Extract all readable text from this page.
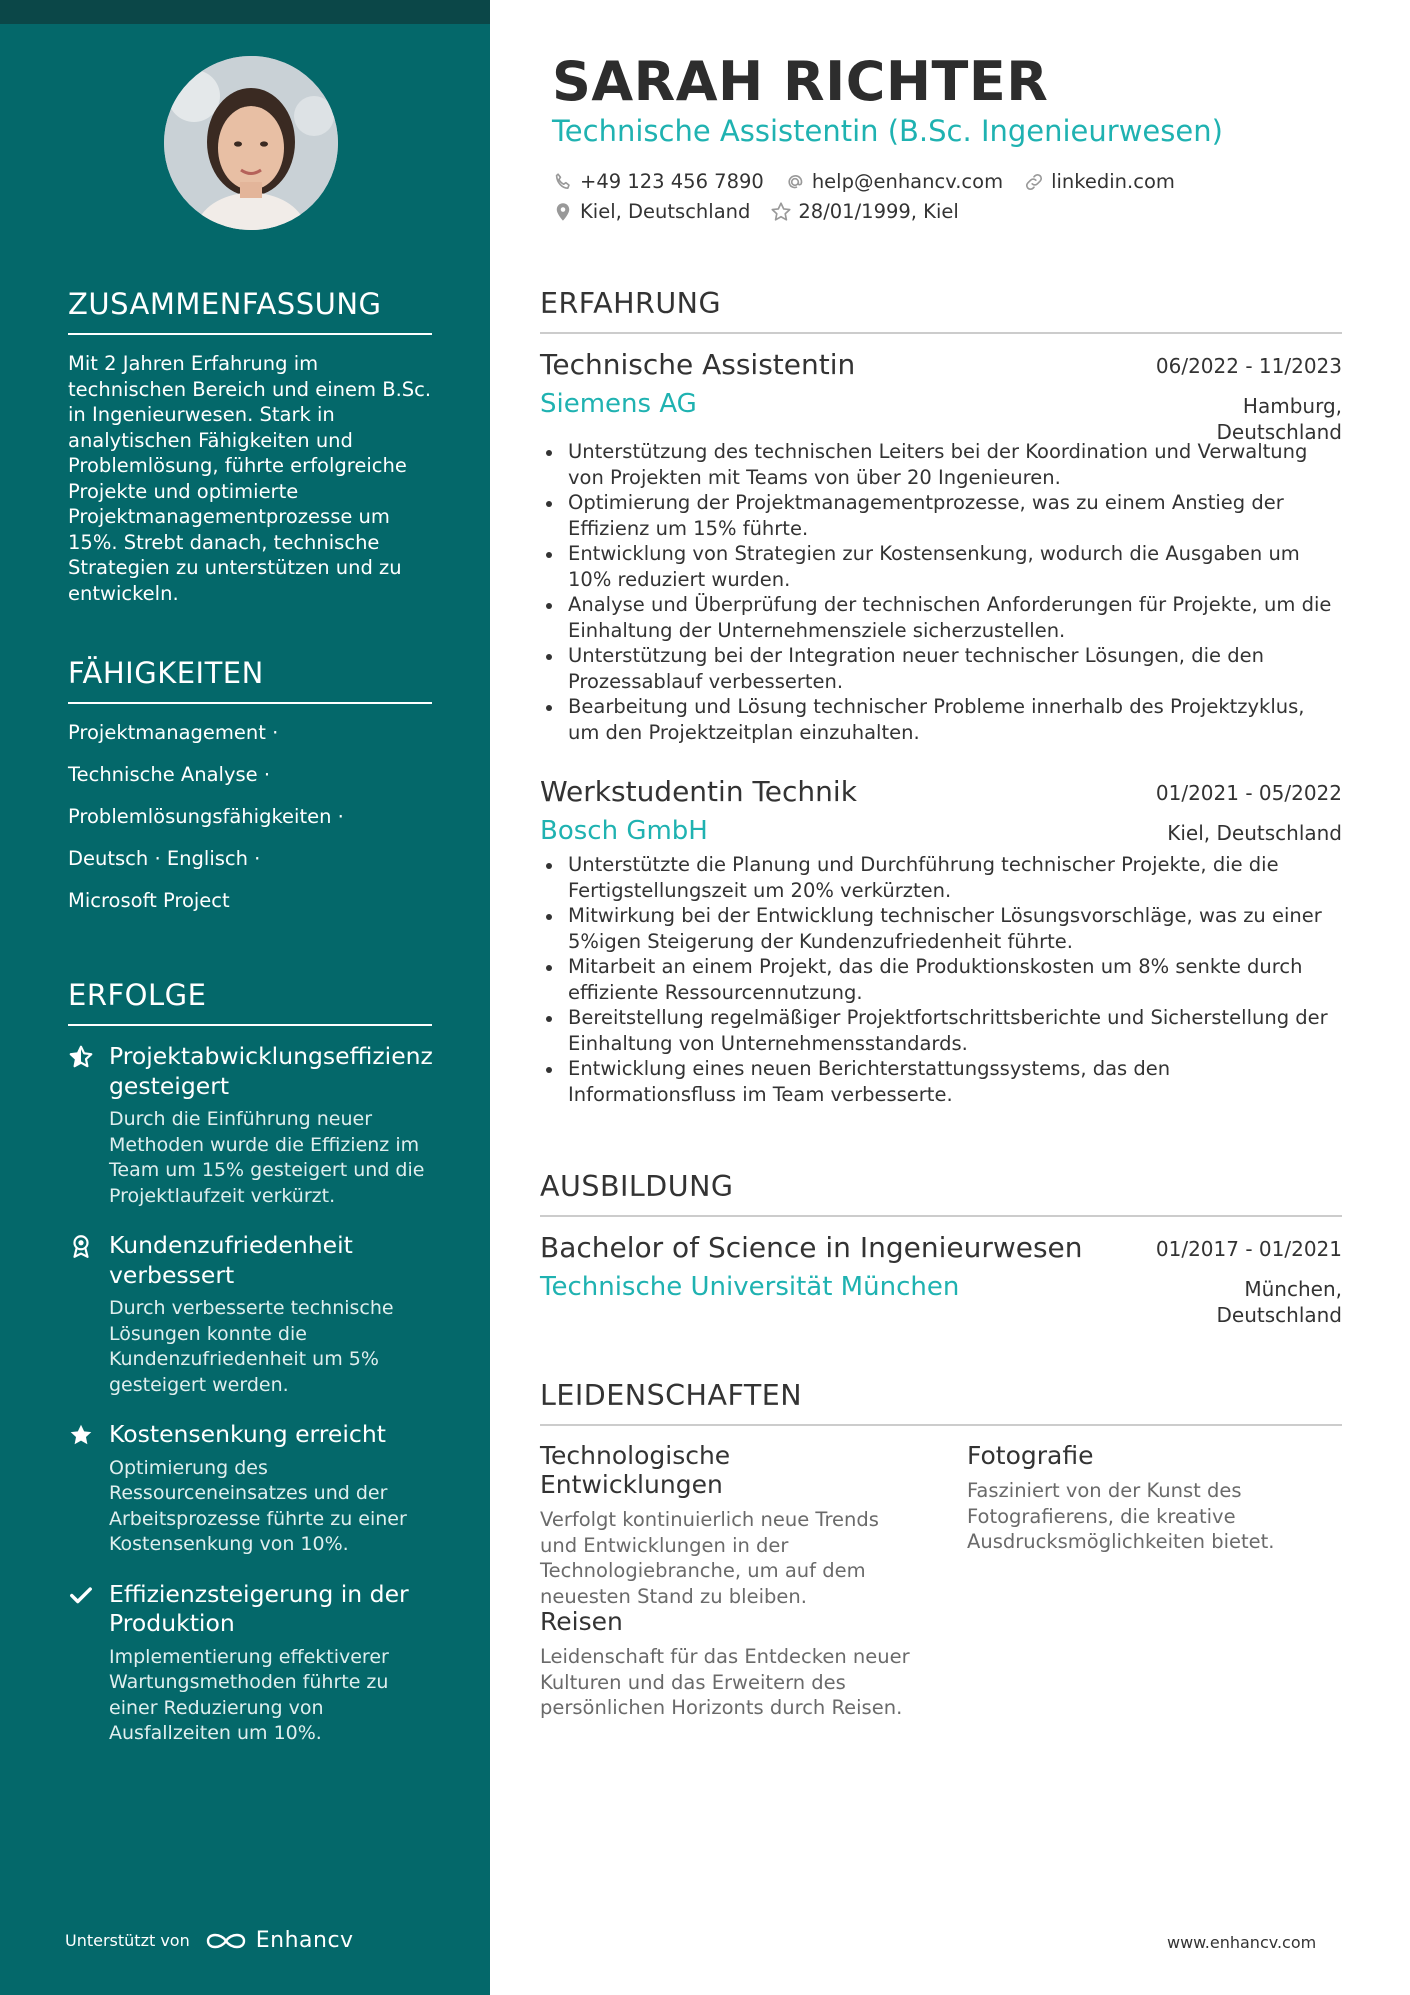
ZUSAMMENFASSUNG
Mit 2 Jahren Erfahrung im technischen Bereich und einem B.Sc. in Ingenieurwesen. Stark in analytischen Fähigkeiten und Problemlösung, führte erfolgreiche Projekte und optimierte Projektmanagementprozesse um 15%. Strebt danach, technische Strategien zu unterstützen und zu entwickeln.
FÄHIGKEITEN
Projektmanagement ·
Technische Analyse ·
Problemlösungsfähigkeiten ·
Deutsch · Englisch ·
Microsoft Project
ERFOLGE
Projektabwicklungseffizienz gesteigert
Durch die Einführung neuer Methoden wurde die Effizienz im Team um 15% gesteigert und die Projektlaufzeit verkürzt.
Kundenzufriedenheit verbessert
Durch verbesserte technische Lösungen konnte die Kundenzufriedenheit um 5% gesteigert werden.
Kostensenkung erreicht
Optimierung des Ressourceneinsatzes und der Arbeitsprozesse führte zu einer Kostensenkung von 10%.
Effizienzsteigerung in der Produktion
Implementierung effektiverer Wartungsmethoden führte zu einer Reduzierung von Ausfallzeiten um 10%.
Unterstützt von	Enhancv
SARAH RICHTER
Technische Assistentin (B.Sc. Ingenieurwesen)
+49 123 456 7890 help@enhancv.com linkedin.com
Kiel, Deutschland 28/01/1999, Kiel
ERFAHRUNG
Technische Assistentin	06/2022 - 11/2023
Siemens AG	Hamburg,
Deutschland
Unterstützung des technischen Leiters bei der Koordination und Verwaltung von Projekten mit Teams von über 20 Ingenieuren.
Optimierung der Projektmanagementprozesse, was zu einem Anstieg der Effizienz um 15% führte.
Entwicklung von Strategien zur Kostensenkung, wodurch die Ausgaben um 10% reduziert wurden.
Analyse und Überprüfung der technischen Anforderungen für Projekte, um die Einhaltung der Unternehmensziele sicherzustellen.
Unterstützung bei der Integration neuer technischer Lösungen, die den Prozessablauf verbesserten.
Bearbeitung und Lösung technischer Probleme innerhalb des Projektzyklus, um den Projektzeitplan einzuhalten.
Werkstudentin Technik	01/2021 - 05/2022
Bosch GmbH	Kiel, Deutschland
Unterstützte die Planung und Durchführung technischer Projekte, die die Fertigstellungszeit um 20% verkürzten.
Mitwirkung bei der Entwicklung technischer Lösungsvorschläge, was zu einer 5%igen Steigerung der Kundenzufriedenheit führte.
Mitarbeit an einem Projekt, das die Produktionskosten um 8% senkte durch effiziente Ressourcennutzung.
Bereitstellung regelmäßiger Projektfortschrittsberichte und Sicherstellung der Einhaltung von Unternehmensstandards.
Entwicklung eines neuen Berichterstattungssystems, das den Informationsfluss im Team verbesserte.
AUSBILDUNG
Bachelor of Science in Ingenieurwesen	01/2017 - 01/2021
Technische Universität München	München,
Deutschland
LEIDENSCHAFTEN
Technologische Entwicklungen
Verfolgt kontinuierlich neue Trends und Entwicklungen in der Technologiebranche, um auf dem neuesten Stand zu bleiben.
Fotografie
Fasziniert von der Kunst des Fotografierens, die kreative Ausdrucksmöglichkeiten bietet.
Reisen
Leidenschaft für das Entdecken neuer Kulturen und das Erweitern des persönlichen Horizonts durch Reisen.
www.enhancv.com
